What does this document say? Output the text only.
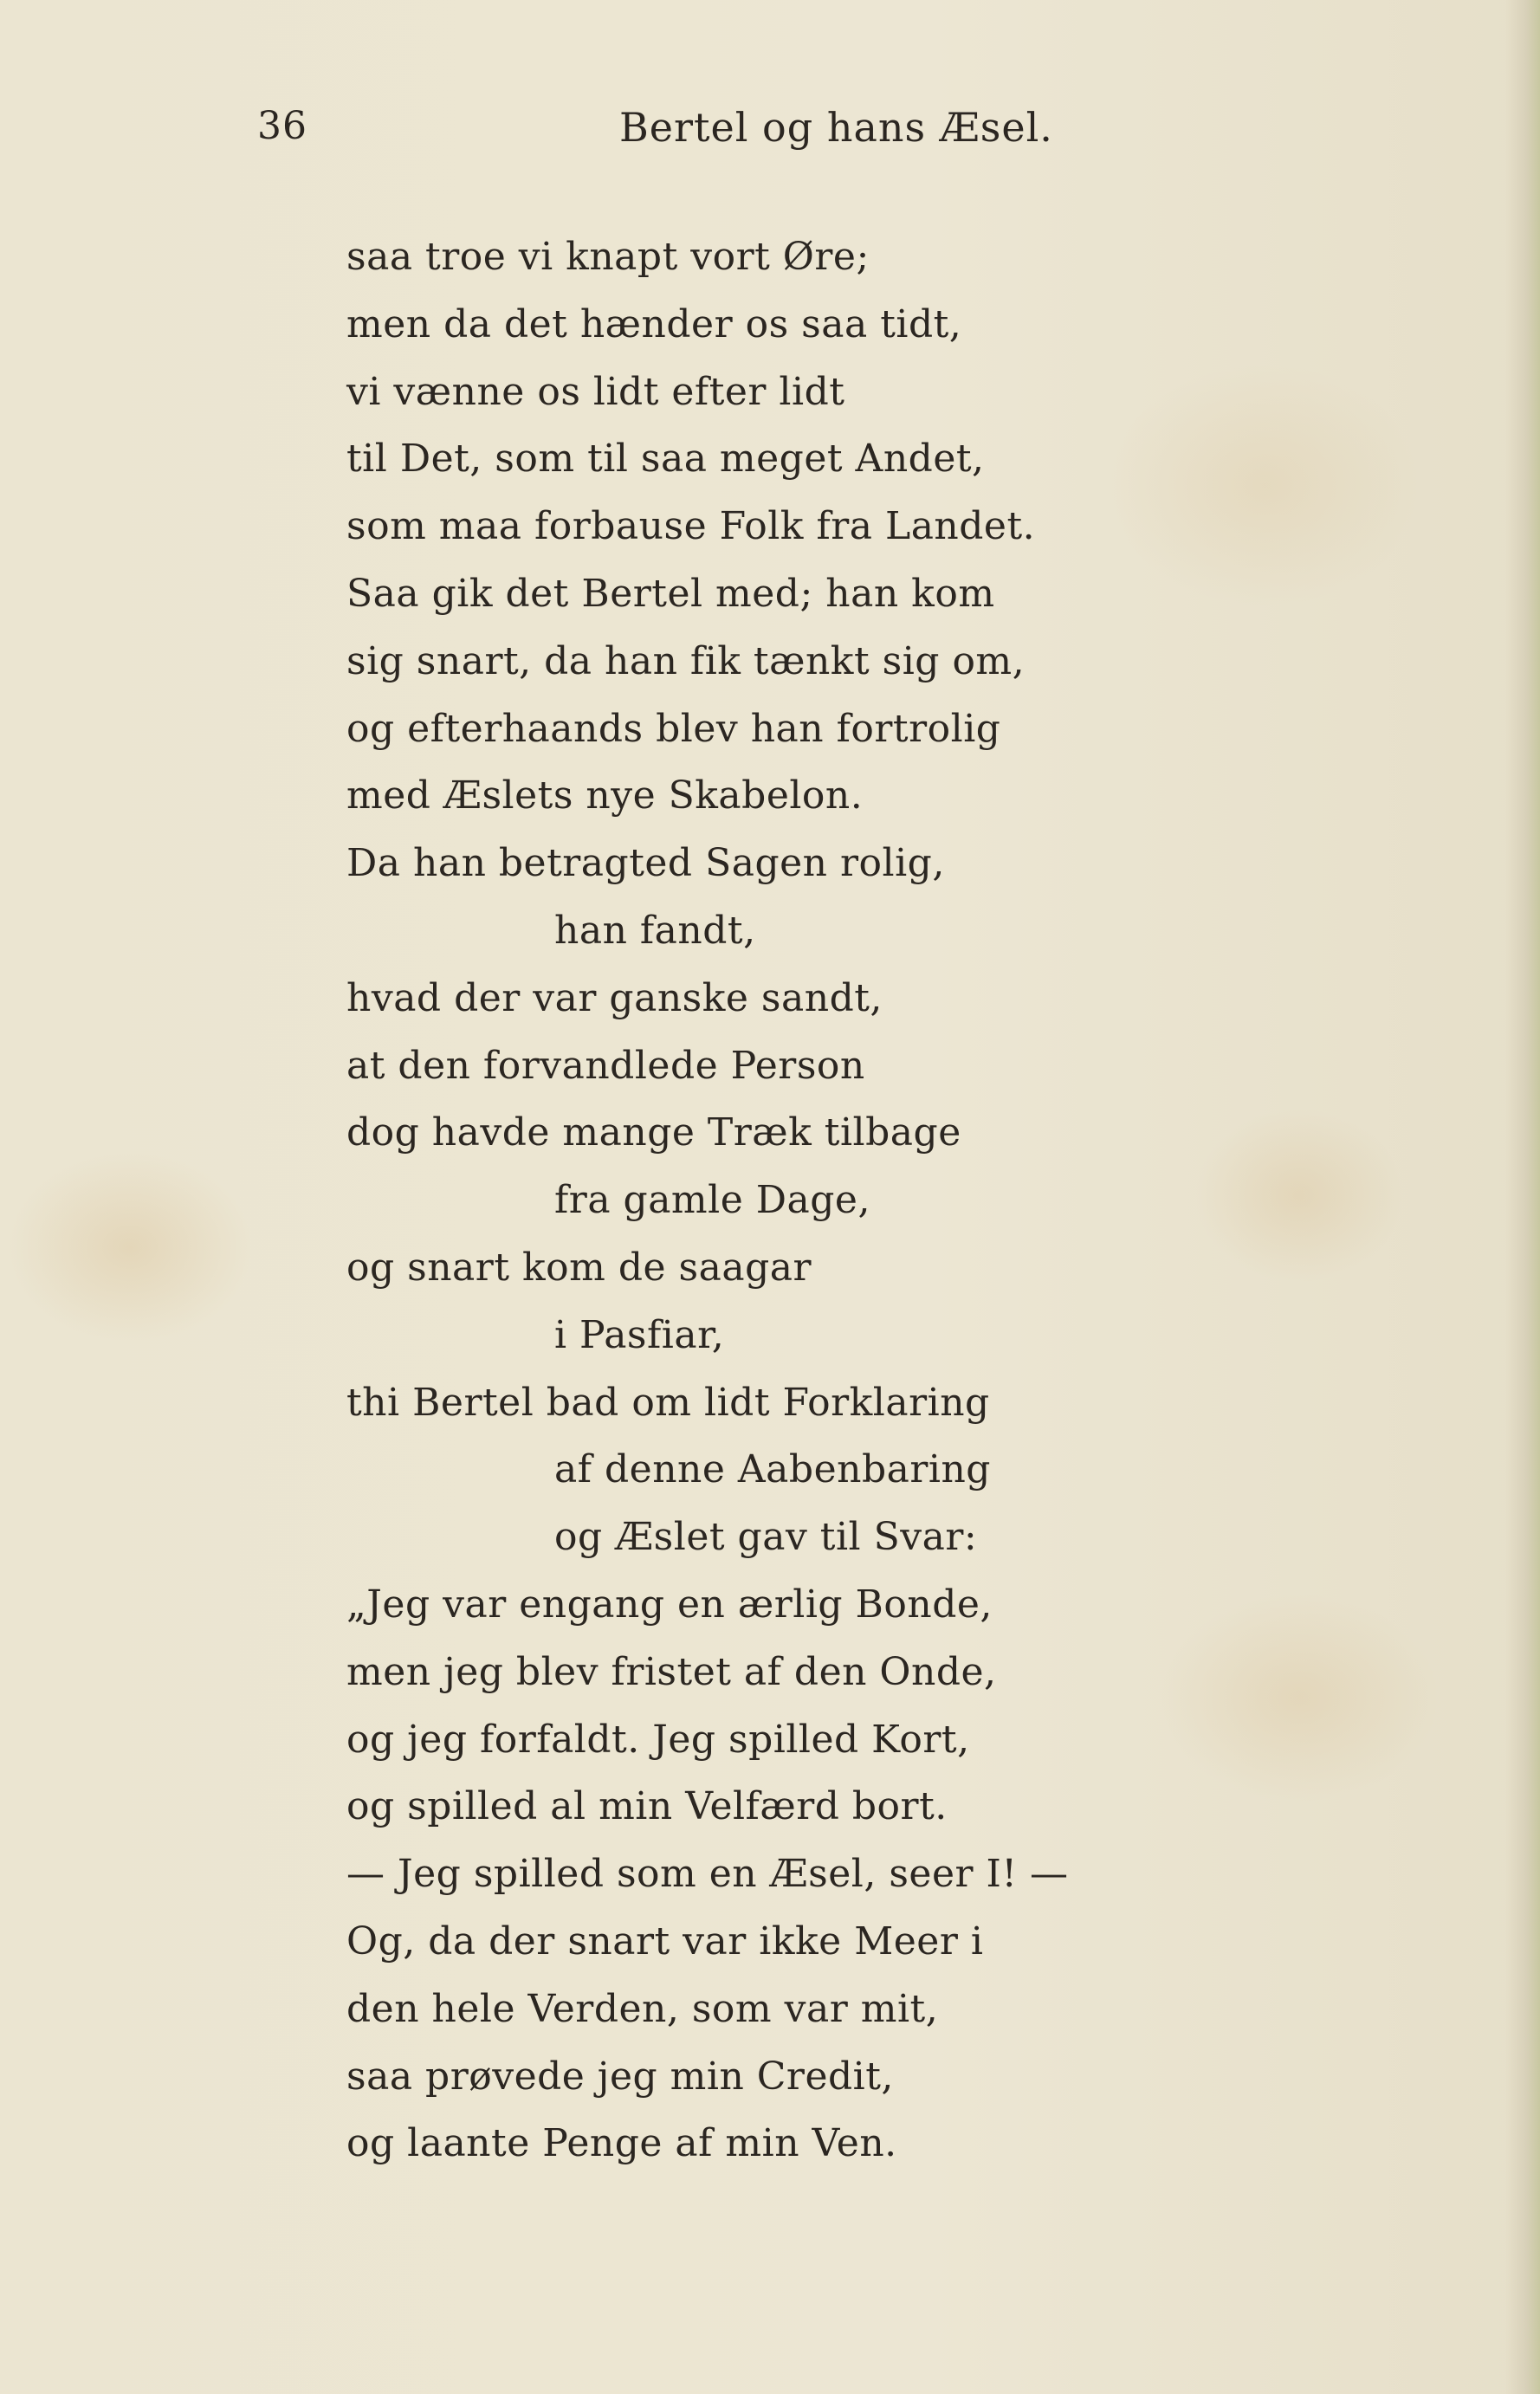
36	Bertel og hans Æsel.
saa troe vi knapt vort Øre;
men da det hænder os saa tidt,
vi vænne os lidt efter lidt
til Det, som til saa meget Andet,
som maa forbause Folk fra Landet.
Saa gik det Bertel med; han kom
sig snart, da han fik tænkt sig om,
og efterhaands blev han fortrolig
med Æslets nye Skabelon.
Da han betragted Sagen rolig,
han fandt,
hvad der var ganske sandt,
at den forvandlede Person
dog havde mange Træk tilbage
fra gamle Dage,
og snart kom de saagar
i Pasfiar,
thi Bertel bad om lidt Forklaring
af denne Aabenbaring
og Æslet gav til Svar:
„Jeg var engang en ærlig Bonde,
men jeg blev fristet af den Onde,
og jeg forfaldt. Jeg spilled Kort,
og spilled al min Velfærd bort.
— Jeg spilled som en Æsel, seer I! —
Og, da der snart var ikke Meer i
den hele Verden, som var mit,
saa prøvede jeg min Credit,
og laante Penge af min Ven.
